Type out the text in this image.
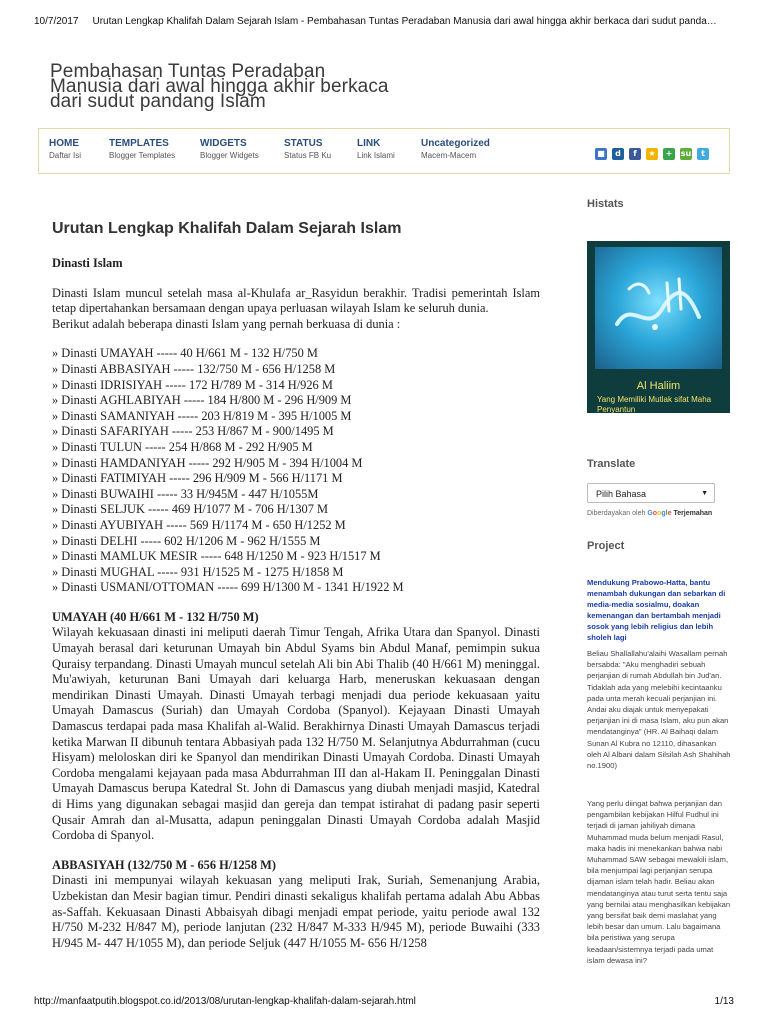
10/7/2017 Urutan Lengkap Khalifah Dalam Sejarah Islam - Pembahasan Tuntas Peradaban Manusia dari awal hingga akhir berkaca dari sudut panda…
Pembahasan Tuntas Peradaban
Manusia dari awal hingga akhir berkaca
dari sudut pandang Islam
HOME
Daftar Isi
TEMPLATES
Blogger Templates
WIDGETS
Blogger Widgets
STATUS
Status FB Ku
LINK
Link Islami
Uncategorized
Macem-Macem	■ d f ★ + su t
Urutan Lengkap Khalifah Dalam Sejarah Islam

Dinasti Islam

Dinasti Islam muncul setelah masa al-Khulafa ar_Rasyidun berakhir. Tradisi pemerintah Islam tetap dipertahankan bersamaan dengan upaya perluasan wilayah Islam ke seluruh dunia.

Berikut adalah beberapa dinasti Islam yang pernah berkuasa di dunia :

» Dinasti UMAYAH ----- 40 H/661 M - 132 H/750 M

» Dinasti ABBASIYAH ----- 132/750 M - 656 H/1258 M

» Dinasti IDRISIYAH ----- 172 H/789 M - 314 H/926 M

» Dinasti AGHLABIYAH ----- 184 H/800 M - 296 H/909 M

» Dinasti SAMANIYAH ----- 203 H/819 M - 395 H/1005 M

» Dinasti SAFARIYAH ----- 253 H/867 M - 900/1495 M

» Dinasti TULUN ----- 254 H/868 M - 292 H/905 M

» Dinasti HAMDANIYAH ----- 292 H/905 M - 394 H/1004 M

» Dinasti FATIMIYAH ----- 296 H/909 M - 566 H/1171 M

» Dinasti BUWAIHI ----- 33 H/945M - 447 H/1055M

» Dinasti SELJUK ----- 469 H/1077 M - 706 H/1307 M

» Dinasti AYUBIYAH ----- 569 H/1174 M - 650 H/1252 M

» Dinasti DELHI ----- 602 H/1206 M - 962 H/1555 M

» Dinasti MAMLUK MESIR ----- 648 H/1250 M - 923 H/1517 M

» Dinasti MUGHAL ----- 931 H/1525 M - 1275 H/1858 M

» Dinasti USMANI/OTTOMAN ----- 699 H/1300 M - 1341 H/1922 M

UMAYAH (40 H/661 M - 132 H/750 M)

Wilayah kekuasaan dinasti ini meliputi daerah Timur Tengah, Afrika Utara dan Spanyol. Dinasti Umayah berasal dari keturunan Umayah bin Abdul Syams bin Abdul Manaf, pemimpin sukua Quraisy terpandang. Dinasti Umayah muncul setelah Ali bin Abi Thalib (40 H/661 M) meninggal. Mu'awiyah, keturunan Bani Umayah dari keluarga Harb, meneruskan kekuasaan dengan mendirikan Dinasti Umayah. Dinasti Umayah terbagi menjadi dua periode kekuasaan yaitu Umayah Damascus (Suriah) dan Umayah Cordoba (Spanyol). Kejayaan Dinasti Umayah Damascus terdapai pada masa Khalifah al-Walid. Berakhirnya Dinasti Umayah Damascus terjadi ketika Marwan II dibunuh tentara Abbasiyah pada 132 H/750 M. Selanjutnya Abdurrahman (cucu Hisyam) meloloskan diri ke Spanyol dan mendirikan Dinasti Umayah Cordoba. Dinasti Umayah Cordoba mengalami kejayaan pada masa Abdurrahman III dan al-Hakam II. Peninggalan Dinasti Umayah Damascus berupa Katedral St. John di Damascus yang diubah menjadi masjid, Katedral di Hims yang digunakan sebagai masjid dan gereja dan tempat istirahat di padang pasir seperti Qusair Amrah dan al-Musatta, adapun peninggalan Dinasti Umayah Cordoba adalah Masjid Cordoba di Spanyol.

ABBASIYAH (132/750 M - 656 H/1258 M)

Dinasti ini mempunyai wilayah kekuasan yang meliputi Irak, Suriah, Semenanjung Arabia, Uzbekistan dan Mesir bagian timur. Pendiri dinasti sekaligus khalifah pertama adalah Abu Abbas as-Saffah. Kekuasaan Dinasti Abbaisyah dibagi menjadi empat periode, yaitu periode awal 132 H/750 M-232 H/847 M), periode lanjutan (232 H/847 M-333 H/945 M), periode Buwaihi (333 H/945 M- 447 H/1055 M), dan periode Seljuk (447 H/1055 M- 656 H/1258

Histats
Al Haliim
Yang Memiliki Mutlak sifat Maha Penyantun
Translate
Pilih Bahasa	▼
Diberdayakan oleh Google Terjemahan
Project
Mendukung Prabowo-Hatta, bantu menambah dukungan dan sebarkan di media-media sosialmu, doakan kemenangan dan bertambah menjadi sosok yang lebih religius dan lebih sholeh lagi
Beliau Shallallahu'alaihi Wasallam pernah bersabda: "Aku menghadiri sebuah perjanjian di rumah Abdullah bin Jud'an. Tidaklah ada yang melebihi kecintaanku pada unta merah kecuali perjanjian ini. Andai aku diajak untuk menyepakati perjanjian ini di masa Islam, aku pun akan mendatanginya" (HR. Al Baihaqi dalam Sunan Al Kubra no 12110, dihasankan oleh Al Albani dalam Silsilah Ash Shahihah no.1900)
Yang perlu diingat bahwa perjanjian dan pengambilan kebijakan Hilful Fudhul ini terjadi di jaman jahiliyah dimana Muhammad muda belum menjadi Rasul, maka hadis ini menekankan bahwa nabi Muhammad SAW sebagai mewakili islam, bila menjumpai lagi perjanjian serupa dijaman islam telah hadir. Beliau akan mendatanginya atau turut serta tentu saja yang bernilai atau menghasilkan kebijakan yang bersifat baik demi maslahat yang lebih besar dan umum. Lalu bagaimana bila peristiwa yang serupa keadaan/sistemnya terjadi pada umat islam dewasa ini?
http://manfaatputih.blogspot.co.id/2013/08/urutan-lengkap-khalifah-dalam-sejarah.html	1/13
